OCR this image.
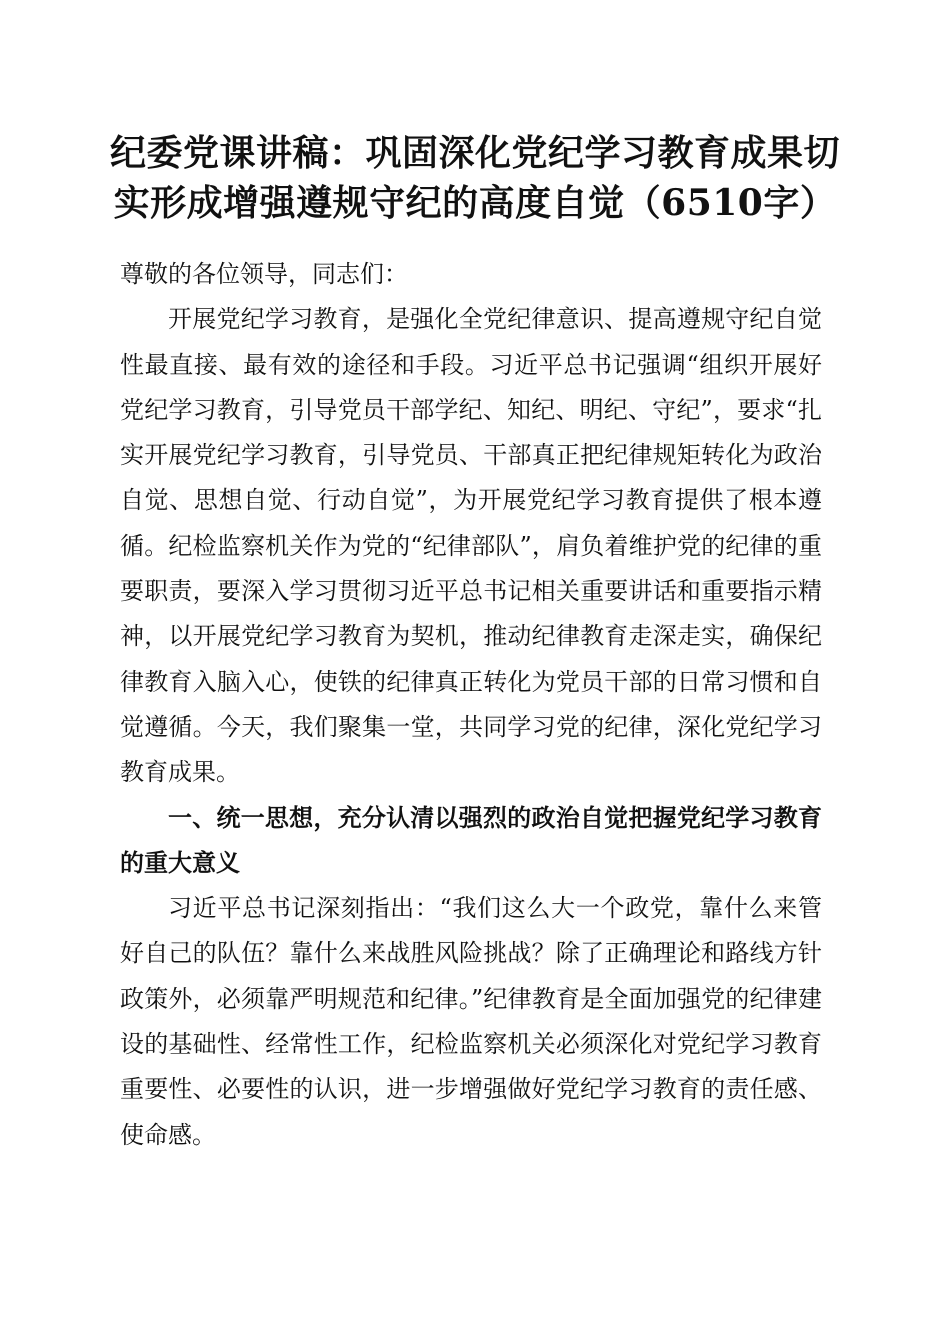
纪委党课讲稿：巩固深化党纪学习教育成果切
实形成增强遵规守纪的高度自觉（6510字）

尊敬的各位领导，同志们：

开展党纪学习教育，是强化全党纪律意识、提高遵规守纪自觉性最直接、最有效的途径和手段。习近平总书记强调“组织开展好党纪学习教育，引导党员干部学纪、知纪、明纪、守纪”，要求“扎实开展党纪学习教育，引导党员、干部真正把纪律规矩转化为政治自觉、思想自觉、行动自觉”，为开展党纪学习教育提供了根本遵循。纪检监察机关作为党的“纪律部队”，肩负着维护党的纪律的重要职责，要深入学习贯彻习近平总书记相关重要讲话和重要指示精神，以开展党纪学习教育为契机，推动纪律教育走深走实，确保纪律教育入脑入心，使铁的纪律真正转化为党员干部的日常习惯和自觉遵循。今天，我们聚集一堂，共同学习党的纪律，深化党纪学习教育成果。

一、统一思想，充分认清以强烈的政治自觉把握党纪学习教育的重大意义

习近平总书记深刻指出：“我们这么大一个政党，靠什么来管好自己的队伍？靠什么来战胜风险挑战？除了正确理论和路线方针政策外，必须靠严明规范和纪律。”纪律教育是全面加强党的纪律建设的基础性、经常性工作，纪检监察机关必须深化对党纪学习教育重要性、必要性的认识，进一步增强做好党纪学习教育的责任感、使命感。
